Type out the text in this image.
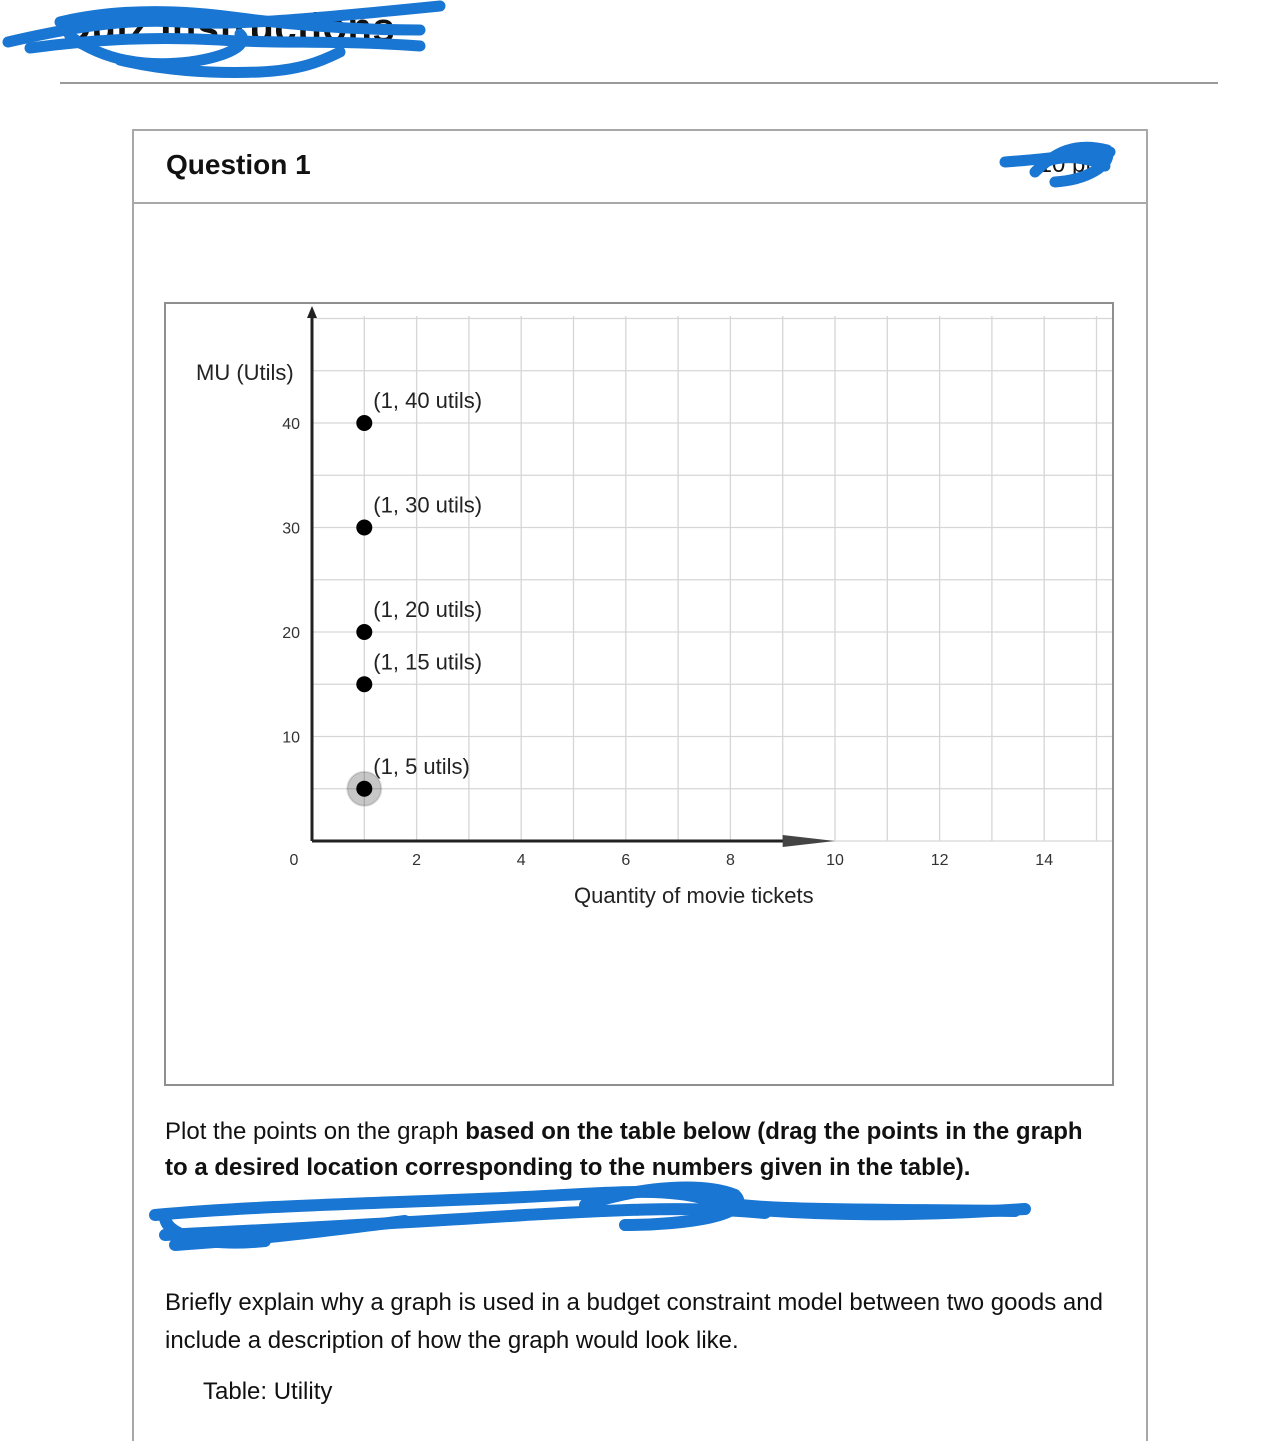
Quiz Instructions
Question 1	10 pts
0	2	4	6	8	10	12	14
10
20
30
40
MU (Utils)
Quantity of movie tickets
(1, 40 utils)
(1, 30 utils)
(1, 20 utils)
(1, 15 utils)
(1, 5 utils)

Plot the points on the graph based on the table below (drag the points in the graph to a desired location corresponding to the numbers given in the table).

Briefly explain why a graph is used in a budget constraint model between two goods and include a description of how the graph would look like.

Table: Utility
